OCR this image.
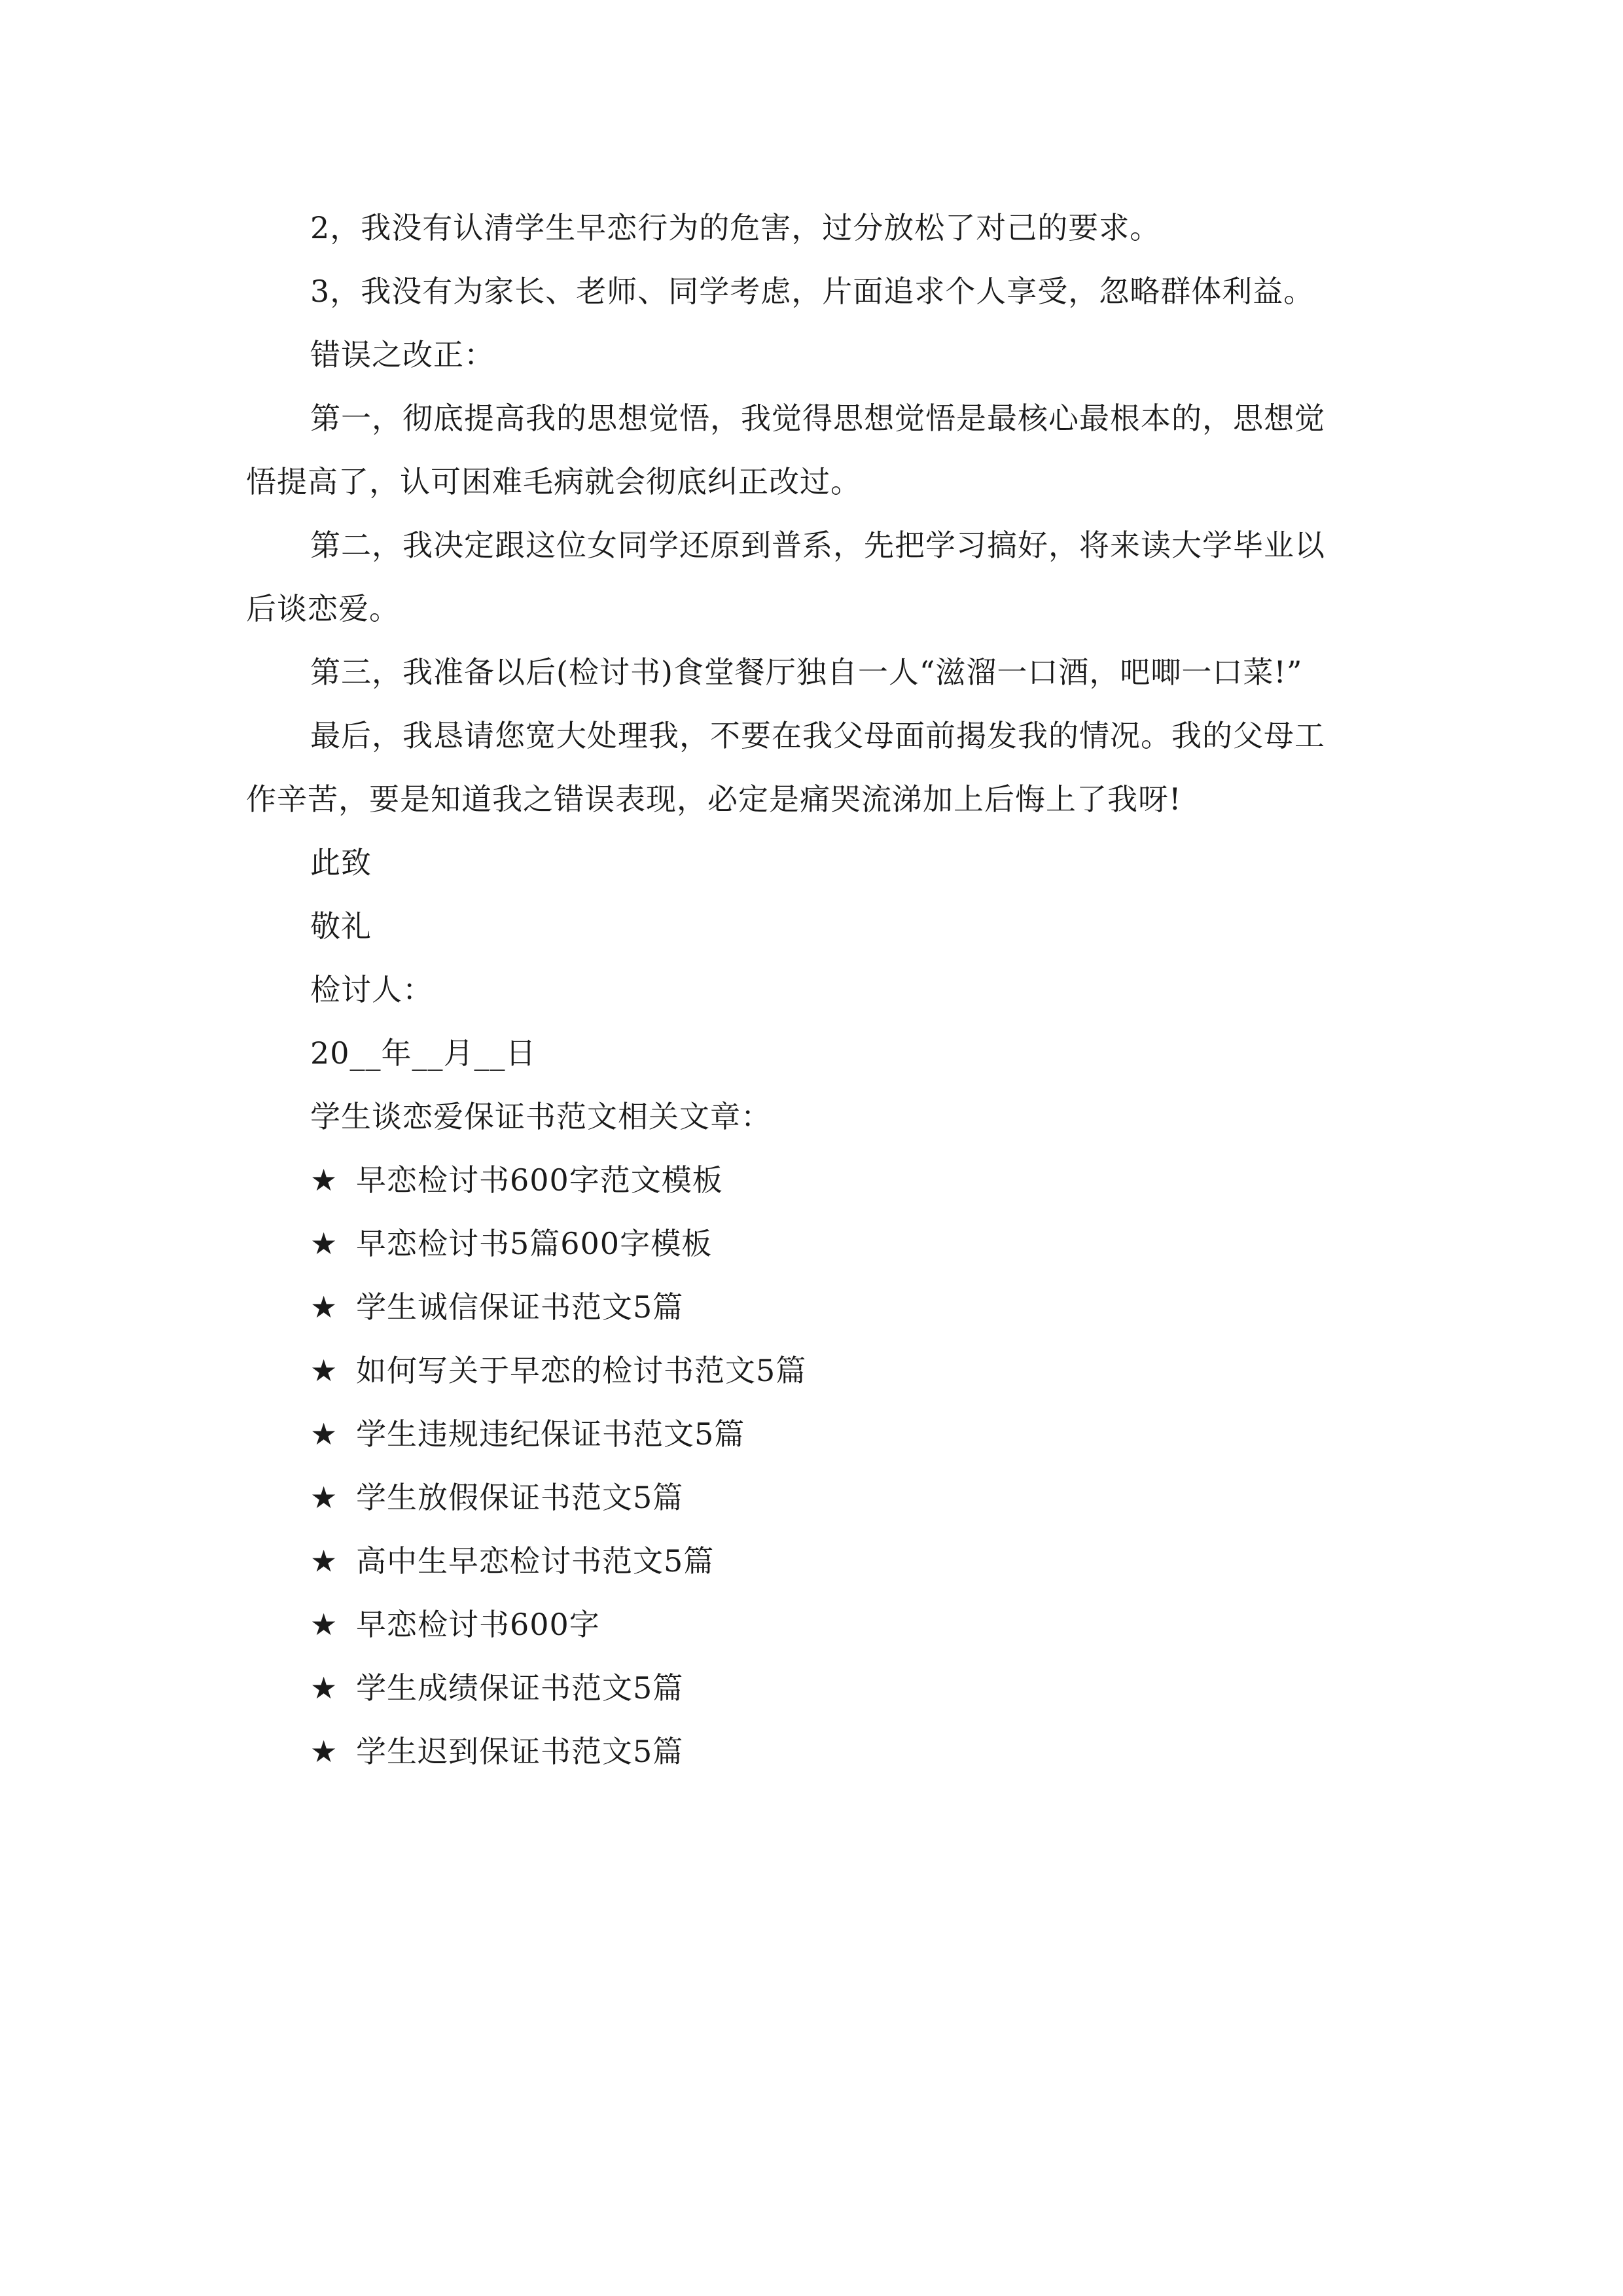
2，我没有认清学生早恋行为的危害，过分放松了对己的要求。

3，我没有为家长、老师、同学考虑，片面追求个人享受，忽略群体利益。

错误之改正：

第一，彻底提高我的思想觉悟，我觉得思想觉悟是最核心最根本的，思想觉
悟提高了，认可困难毛病就会彻底纠正改过。

第二，我决定跟这位女同学还原到普系，先把学习搞好，将来读大学毕业以
后谈恋爱。

第三，我准备以后(检讨书)食堂餐厅独自一人“滋溜一口酒，吧唧一口菜!”

最后，我恳请您宽大处理我，不要在我父母面前揭发我的情况。我的父母工
作辛苦，要是知道我之错误表现，必定是痛哭流涕加上后悔上了我呀!

此致

敬礼

检讨人：

20__年__月__日

学生谈恋爱保证书范文相关文章：

★ 早恋检讨书600字范文模板

★ 早恋检讨书5篇600字模板

★ 学生诚信保证书范文5篇

★ 如何写关于早恋的检讨书范文5篇

★ 学生违规违纪保证书范文5篇

★ 学生放假保证书范文5篇

★ 高中生早恋检讨书范文5篇

★ 早恋检讨书600字

★ 学生成绩保证书范文5篇

★ 学生迟到保证书范文5篇
